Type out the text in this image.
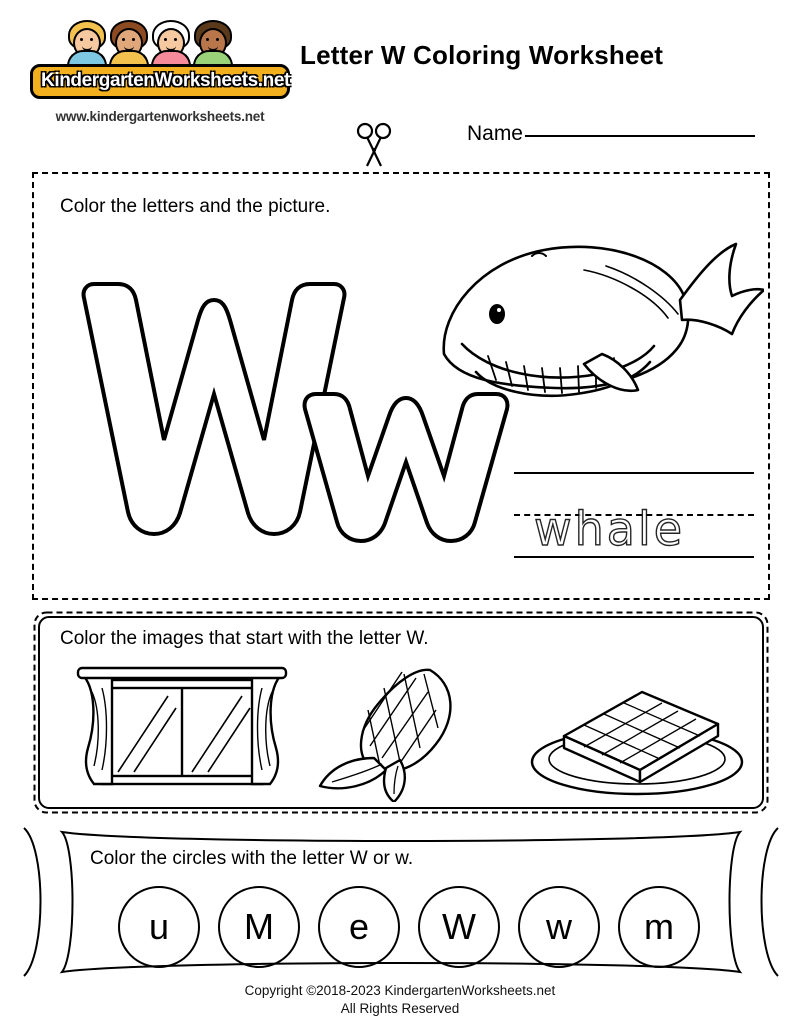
KindergartenWorksheets.net
www.kindergartenworksheets.net
Letter W Coloring Worksheet
Name
Color the letters and the picture.
whale
Color the images that start with the letter W.
Color the circles with the letter W or w.
u	M	e	W	w	m
Copyright ©2018-2023 KindergartenWorksheets.net
All Rights Reserved
